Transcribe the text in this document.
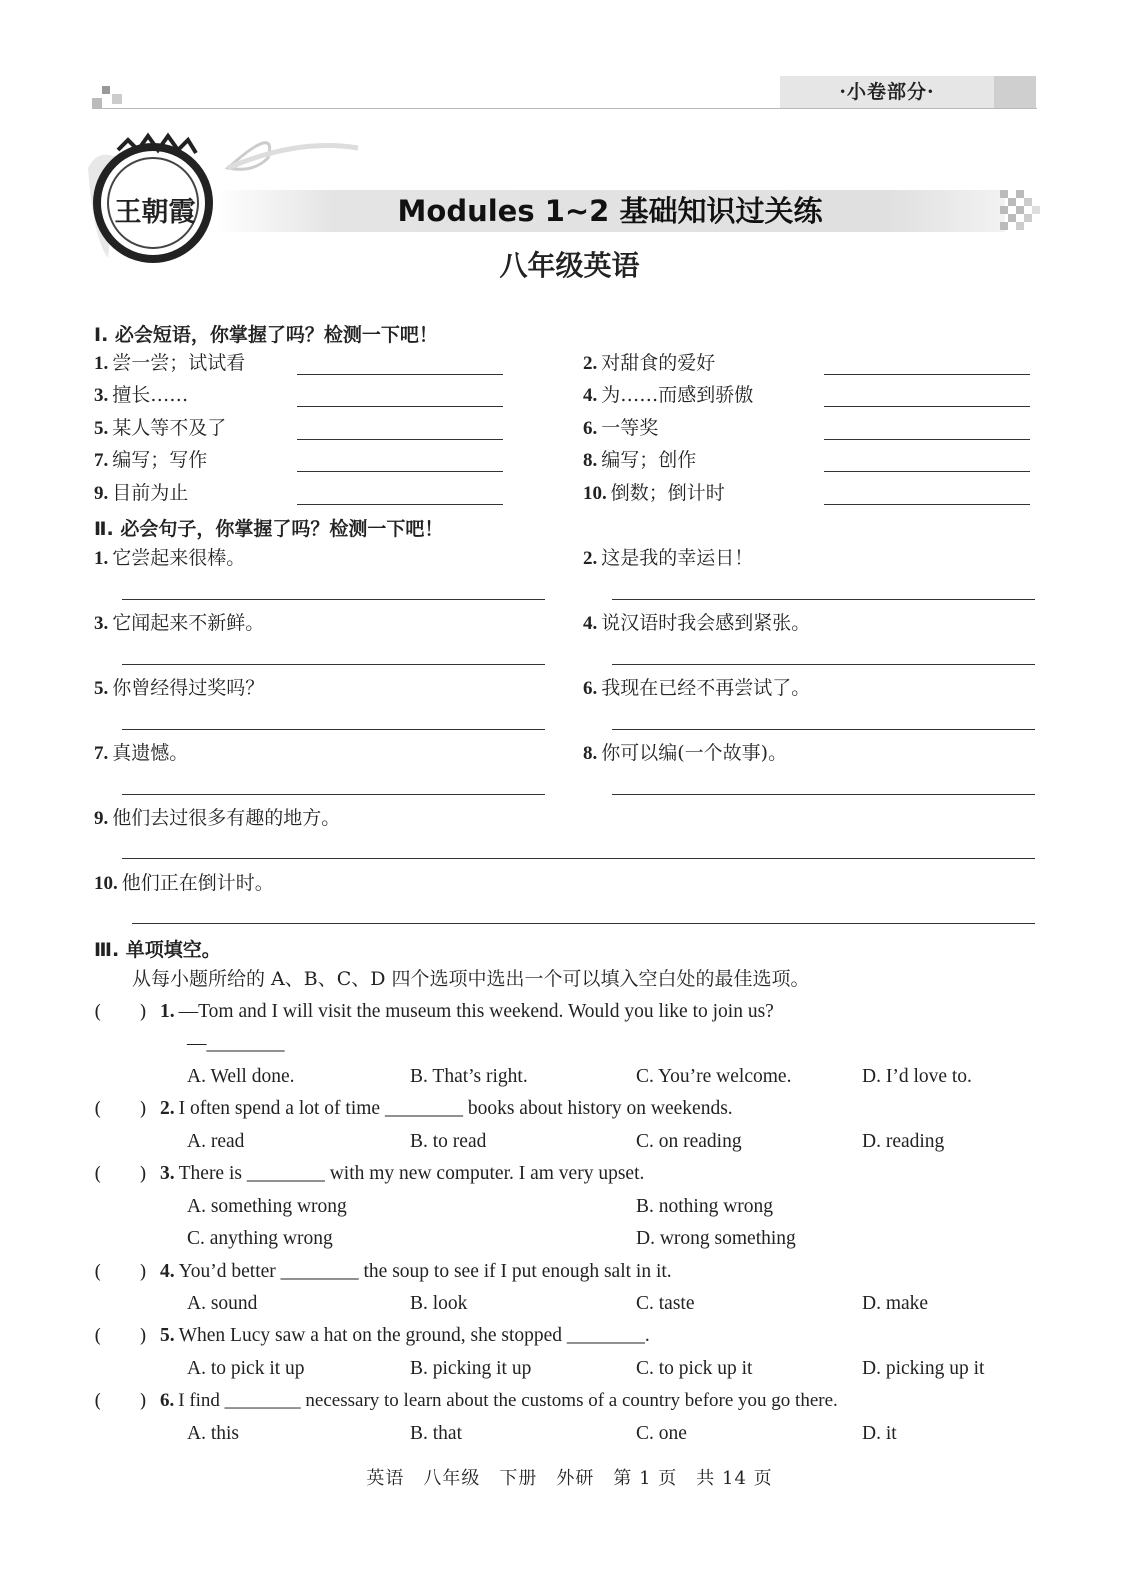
·小卷部分·
王朝霞	Modules 1~2 基础知识过关练
八年级英语
Ⅰ. 必会短语，你掌握了吗？检测一下吧！
1. 尝一尝；试试看	2. 对甜食的爱好
3. 擅长……	4. 为……而感到骄傲
5. 某人等不及了	6. 一等奖
7. 编写；写作	8. 编写；创作
9. 目前为止	10. 倒数；倒计时
Ⅱ. 必会句子，你掌握了吗？检测一下吧！
1. 它尝起来很棒。	2. 这是我的幸运日！
3. 它闻起来不新鲜。	4. 说汉语时我会感到紧张。
5. 你曾经得过奖吗？	6. 我现在已经不再尝试了。
7. 真遗憾。	8. 你可以编(一个故事)。
9. 他们去过很多有趣的地方。
10. 他们正在倒计时。
Ⅲ. 单项填空。
从每小题所给的 A、B、C、D 四个选项中选出一个可以填入空白处的最佳选项。
(　　) 1. —Tom and I will visit the museum this weekend. Would you like to join us?
—________
A. Well done.	B. That’s right.	C. You’re welcome.	D. I’d love to.
(　　) 2. I often spend a lot of time ________ books about history on weekends.
A. read	B. to read	C. on reading	D. reading
(　　) 3. There is ________ with my new computer. I am very upset.
A. something wrong	B. nothing wrong
C. anything wrong	D. wrong something
(　　) 4. You’d better ________ the soup to see if I put enough salt in it.
A. sound	B. look	C. taste	D. make
(　　) 5. When Lucy saw a hat on the ground, she stopped ________.
A. to pick it up	B. picking it up	C. to pick up it	D. picking up it
(　　) 6. I find ________ necessary to learn about the customs of a country before you go there.
A. this	B. that	C. one	D. it
英语　八年级　下册　外研　第 1 页　共 14 页
